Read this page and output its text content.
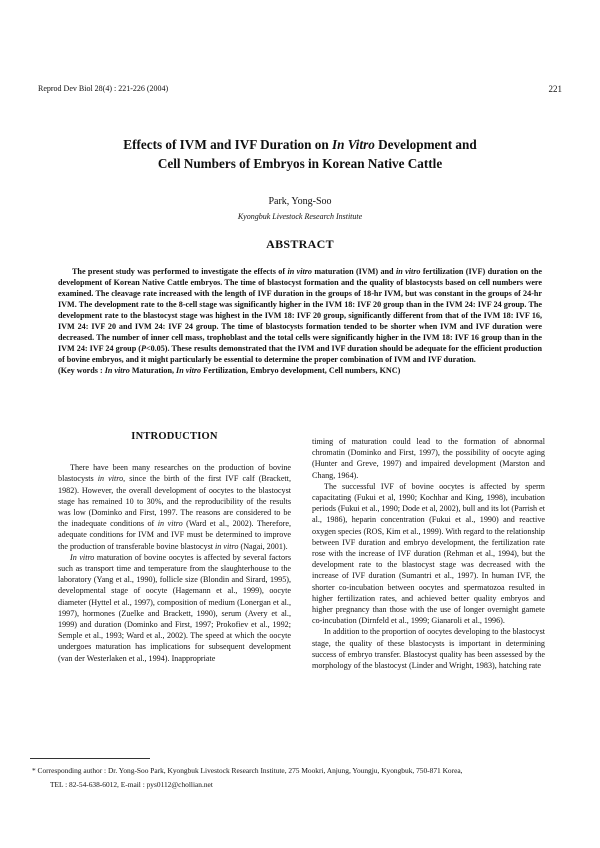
Reprod Dev Biol 28(4) : 221-226 (2004)	221
Effects of IVM and IVF Duration on In Vitro Development and
Cell Numbers of Embryos in Korean Native Cattle
Park, Yong-Soo
Kyongbuk Livestock Research Institute
ABSTRACT

The present study was performed to investigate the effects of in vitro maturation (IVM) and in vitro fertilization (IVF) duration on the development of Korean Native Cattle embryos. The time of blastocyst formation and the quality of blastocysts based on cell numbers were examined. The cleavage rate increased with the length of IVF duration in the groups of 18-hr IVM, but was constant in the groups of 24-hr IVM. The development rate to the 8-cell stage was significantly higher in the IVM 18: IVF 20 group than in the IVM 24: IVF 24 group. The development rate to the blastocyst stage was highest in the IVM 18: IVF 20 group, significantly different from that of the IVM 18: IVF 16, IVM 24: IVF 20 and IVM 24: IVF 24 group. The time of blastocysts formation tended to be shorter when IVM and IVF duration were decreased. The number of inner cell mass, trophoblast and the total cells were significantly higher in the IVM 18: IVF 16 group than in the IVM 24: IVF 24 group (P<0.05). These results demonstrated that the IVM and IVF duration should be adequate for the efficient production of bovine embryos, and it might particularly be essential to determine the proper combination of IVM and IVF duration.

(Key words : In vitro Maturation, In vitro Fertilization, Embryo development, Cell numbers, KNC)

INTRODUCTION

There have been many researches on the production of bovine blastocysts in vitro, since the birth of the first IVF calf (Brackett, 1982). However, the overall development of oocytes to the blastocyst stage has remained 10 to 30%, and the reproducibility of the results was low (Dominko and First, 1997. The reasons are considered to be the inadequate conditions of in vitro (Ward et al., 2002). Therefore, adequate conditions for IVM and IVF must be determined to improve the production of transferable bovine blastocyst in vitro (Nagai, 2001).

In vitro maturation of bovine oocytes is affected by several factors such as transport time and temperature from the slaughterhouse to the laboratory (Yang et al., 1990), follicle size (Blondin and Sirard, 1995), developmental stage of oocyte (Hagemann et al., 1999), oocyte diameter (Hyttel et al., 1997), composition of medium (Lonergan et al., 1997), hormones (Zuelke and Brackett, 1990), serum (Avery et al., 1999) and duration (Dominko and First, 1997; Prokofiev et al., 1992; Semple et al., 1993; Ward et al., 2002). The speed at which the oocyte undergoes maturation has implications for subsequent development (van der Westerlaken et al., 1994). Inappropriate

timing of maturation could lead to the formation of abnormal chromatin (Dominko and First, 1997), the possibility of oocyte aging (Hunter and Greve, 1997) and impaired development (Marston and Chang, 1964).

The successful IVF of bovine oocytes is affected by sperm capacitating (Fukui et al, 1990; Kochhar and King, 1998), incubation periods (Fukui et al., 1990; Dode et al, 2002), bull and its lot (Parrish et al., 1986), heparin concentration (Fukui et al., 1990) and reactive oxygen species (ROS, Kim et al., 1999). With regard to the relationship between IVF duration and embryo development, the fertilization rate rose with the increase of IVF duration (Rehman et al., 1994), but the development rate to the blastocyst stage was decreased with the increase of IVF duration (Sumantri et al., 1997). In human IVF, the shorter co-incubation between oocytes and spermatozoa resulted in higher fertilization rates, and achieved better quality embryos and higher pregnancy than those with the use of longer overnight gamete co-incubation (Dirnfeld et al., 1999; Gianaroli et al., 1996).

In addition to the proportion of oocytes developing to the blastocyst stage, the quality of these blastocysts is important in determining success of embryo transfer. Blastocyst quality has been assessed by the morphology of the blastocyst (Linder and Wright, 1983), hatching rate

* Corresponding author : Dr. Yong-Soo Park, Kyongbuk Livestock Research Institute, 275 Mookri, Anjung, Youngju, Kyongbuk, 750-871 Korea,
TEL : 82-54-638-6012, E-mail : pys0112@chollian.net
